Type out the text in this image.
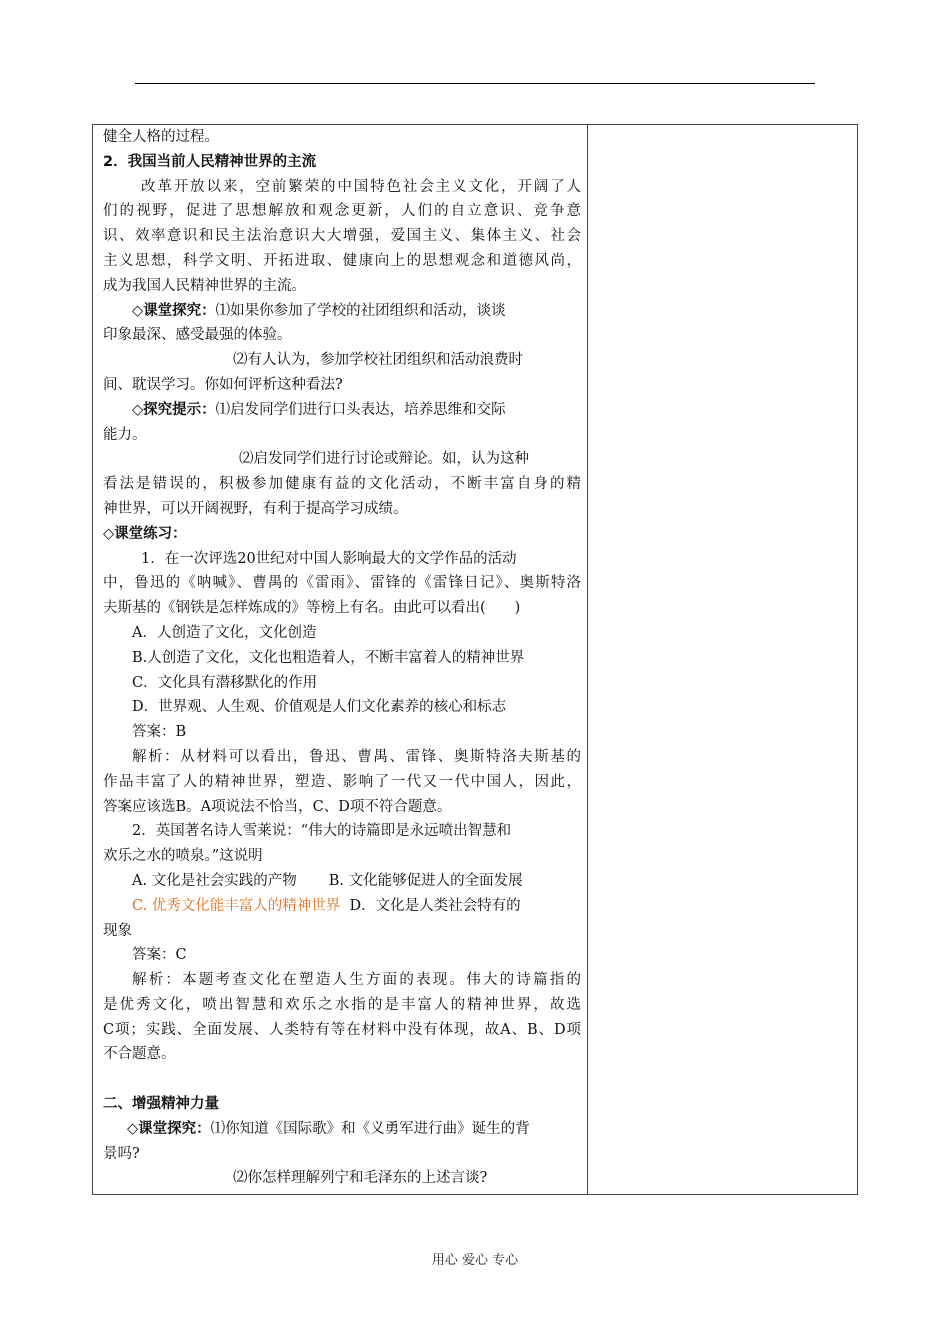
健全人格的过程。
2．我国当前人民精神世界的主流
改革开放以来，空前繁荣的中国特色社会主义文化，开阔了人
们的视野，促进了思想解放和观念更新，人们的自立意识、竞争意
识、效率意识和民主法治意识大大增强，爱国主义、集体主义、社会
主义思想，科学文明、开拓进取、健康向上的思想观念和道德风尚，
成为我国人民精神世界的主流。
◇课堂探究：⑴如果你参加了学校的社团组织和活动，谈谈
印象最深、感受最强的体验。
⑵有人认为，参加学校社团组织和活动浪费时
间、耽误学习。你如何评析这种看法?
◇探究提示：⑴启发同学们进行口头表达，培养思维和交际
能力。
⑵启发同学们进行讨论或辩论。如，认为这种
看法是错误的，积极参加健康有益的文化活动，不断丰富自身的精
神世界，可以开阔视野，有利于提高学习成绩。
◇课堂练习：
1．在一次评选20世纪对中国人影响最大的文学作品的活动
中，鲁迅的《呐喊》、曹禺的《雷雨》、雷锋的《雷锋日记》、奥斯特洛
夫斯基的《钢铁是怎样炼成的》等榜上有名。由此可以看出(　　)
A．人创造了文化，文化创造
B.人创造了文化，文化也粗造着人，不断丰富着人的精神世界
C．文化具有潜移默化的作用
D．世界观、人生观、价值观是人们文化素养的核心和标志
答案：B
解析：从材料可以看出，鲁迅、曹禺、雷锋、奥斯特洛夫斯基的
作品丰富了人的精神世界，塑造、影响了一代又一代中国人，因此，
答案应该选B。A项说法不恰当，C、D项不符合题意。
2．英国著名诗人雪莱说：“伟大的诗篇即是永远喷出智慧和
欢乐之水的喷泉。”这说明
A. 文化是社会实践的产物 B. 文化能够促进人的全面发展
C. 优秀文化能丰富人的精神世界 D．文化是人类社会特有的
现象
答案：C
解析：本题考查文化在塑造人生方面的表现。伟大的诗篇指的
是优秀文化，喷出智慧和欢乐之水指的是丰富人的精神世界，故选
C项；实践、全面发展、人类特有等在材料中没有体现，故A、B、D项
不合题意。
二、增强精神力量
◇课堂探究：⑴你知道《国际歌》和《义勇军进行曲》诞生的背
景吗?
⑵你怎样理解列宁和毛泽东的上述言谈?
用心 爱心 专心
